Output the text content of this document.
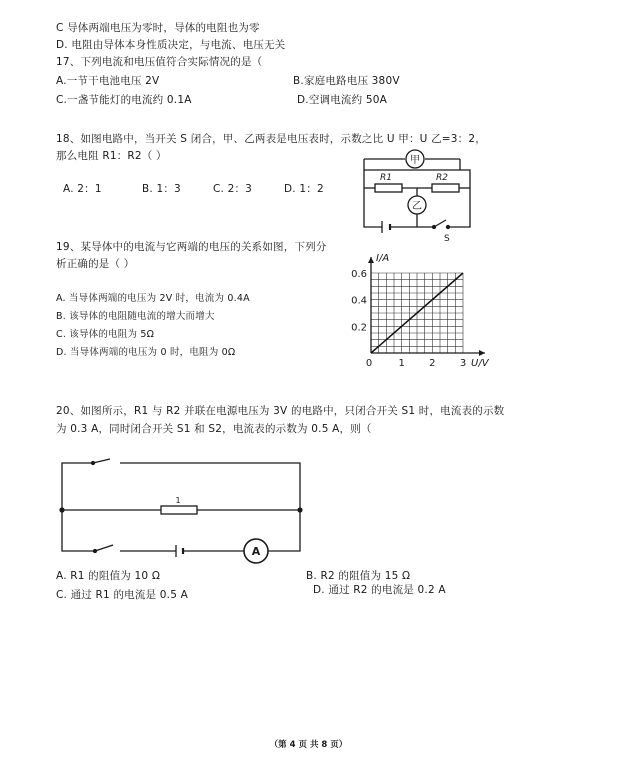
C 导体两端电压为零时，导体的电阻也为零
D. 电阻由导体本身性质决定，与电流、电压无关
17、下列电流和电压值符合实际情况的是（
A.一节干电池电压 2V	B.家庭电路电压 380V
C.一盏节能灯的电流约 0.1A	D.空调电流约 50A
18、如图电路中，当开关 S 闭合，甲、乙两表是电压表时，示数之比 U 甲：U 乙=3：2，
那么电阻 R1：R2（ ）
A. 2：1	B. 1：3	C. 2：3	D. 1：2
甲
乙
R1	R2
S
19、某导体中的电流与它两端的电压的关系如图，下列分
析正确的是（ ）
A. 当导体两端的电压为 2V 时，电流为 0.4A
B. 该导体的电阻随电流的增大而增大
C. 该导体的电阻为 5Ω
D. 当导体两端的电压为 0 时，电阻为 0Ω
0	1 2 3
0.2
0.4
0.6
I/A
U/V
20、如图所示，R1 与 R2 并联在电源电压为 3V 的电路中，只闭合开关 S1 时，电流表的示数
为 0.3 A，同时闭合开关 S1 和 S2，电流表的示数为 0.5 A，则（
A
1
A. R1 的阻值为 10 Ω	B. R2 的阻值为 15 Ω
C. 通过 R1 的电流是 0.5 A	D. 通过 R2 的电流是 0.2 A
（第 4 页 共 8 页）
